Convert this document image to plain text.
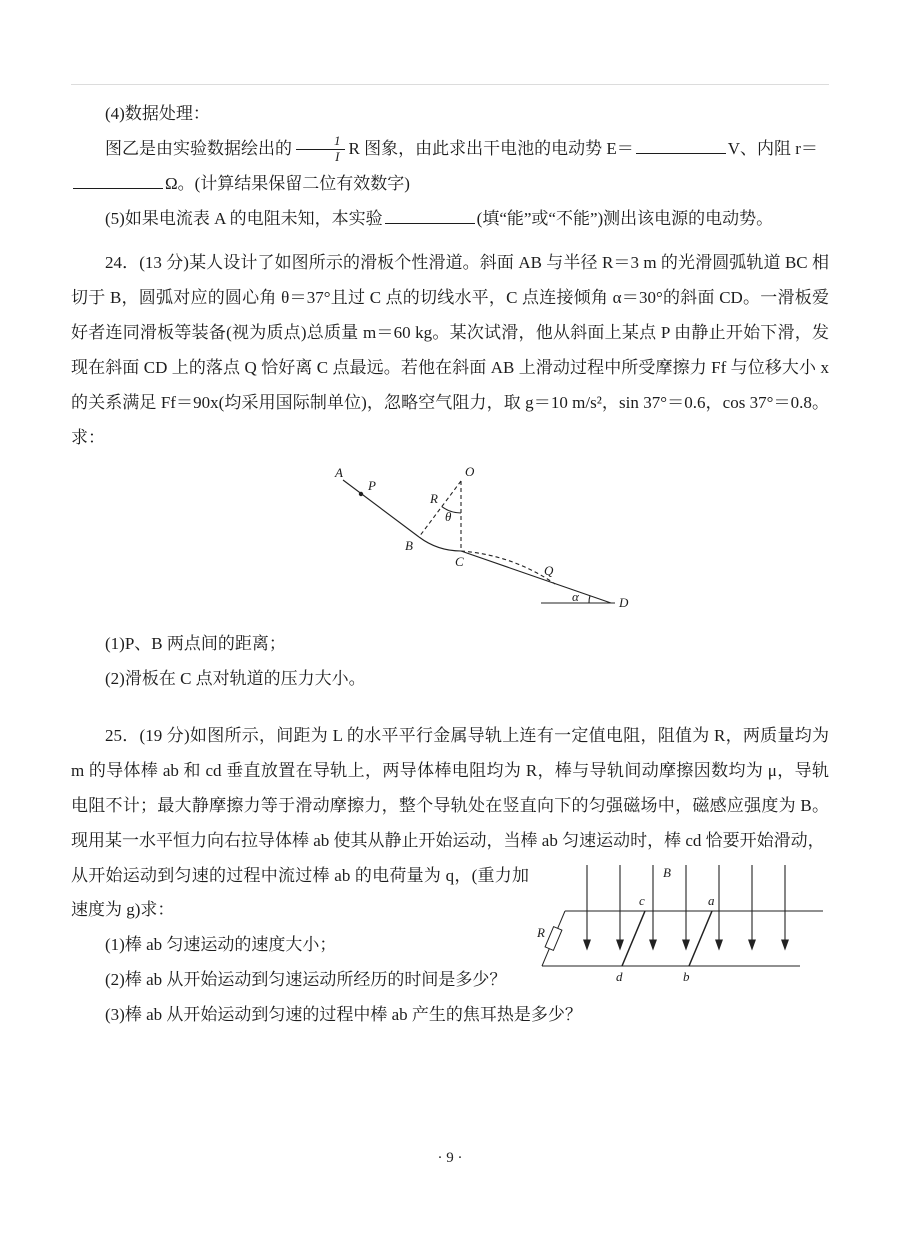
(4)数据处理：

图乙是由实验数据绘出的 $\frac{1}{I}$ R 图象，由此求出干电池的电动势 E＝	V、内阻 r＝

Ω。(计算结果保留二位有效数字)

(5)如果电流表 A 的电阻未知，本实验	(填“能”或“不能”)测出该电源的电动势。

24．(13 分)某人设计了如图所示的滑板个性滑道。斜面 AB 与半径 R＝3 m 的光滑圆弧轨道 BC 相切于 B，圆弧对应的圆心角 θ＝37°且过 C 点的切线水平，C 点连接倾角 α＝30°的斜面 CD。一滑板爱好者连同滑板等装备(视为质点)总质量 m＝60 kg。某次试滑，他从斜面上某点 P 由静止开始下滑，发现在斜面 CD 上的落点 Q 恰好离 C 点最远。若他在斜面 AB 上滑动过程中所受摩擦力 Ff 与位移大小 x 的关系满足 Ff＝90x(均采用国际制单位)，忽略空气阻力，取 g＝10 m/s²，sin 37°＝0.6，cos 37°＝0.8。求：

A
P
B
C
O
R
θ
Q
D
α

(1)P、B 两点间的距离；

(2)滑板在 C 点对轨道的压力大小。

25．(19 分)如图所示，间距为 L 的水平平行金属导轨上连有一定值电阻，阻值为 R，两质量均为 m 的导体棒 ab 和 cd 垂直放置在导轨上，两导体棒电阻均为 R，棒与导轨间动摩擦因数均为 μ，导轨电阻不计；最大静摩擦力等于滑动摩擦力，整个导轨处在竖直向下的匀强磁场中，磁感应强度为 B。现用某一水平恒力向右拉导体棒 ab 使其从静止开始运动，当棒 ab 匀速运动时，棒 cd 恰要开始滑动，

B
R
c	a
d	b

从开始运动到匀速的过程中流过棒 ab 的电荷量为 q，(重力加速度为 g)求：

(1)棒 ab 匀速运动的速度大小；

(2)棒 ab 从开始运动到匀速运动所经历的时间是多少？

(3)棒 ab 从开始运动到匀速的过程中棒 ab 产生的焦耳热是多少？

· 9 ·
